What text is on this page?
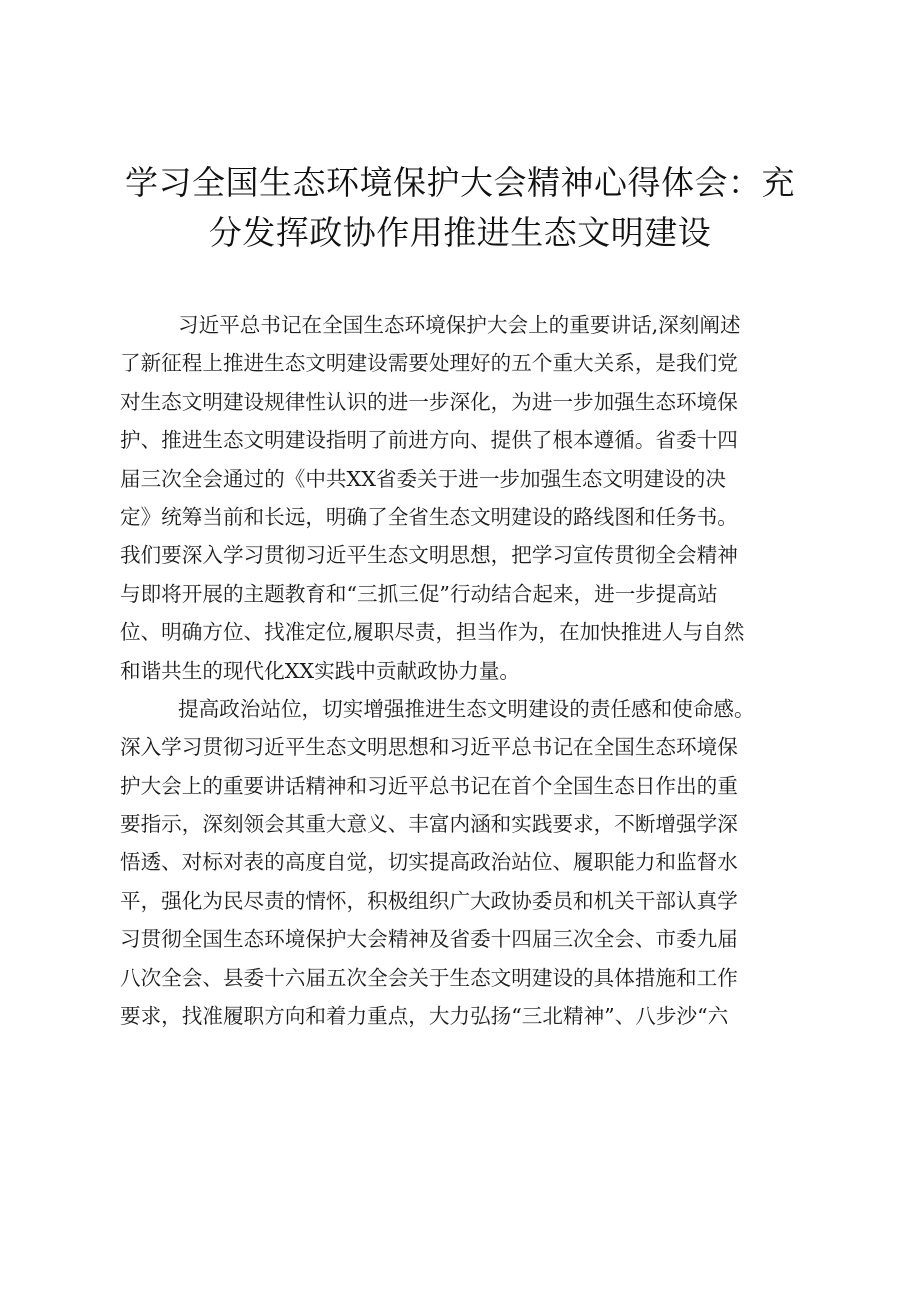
学习全国生态环境保护大会精神心得体会：充
分发挥政协作用推进生态文明建设
习近平总书记在全国生态环境保护大会上的重要讲话,深刻阐述
了新征程上推进生态文明建设需要处理好的五个重大关系，是我们党
对生态文明建设规律性认识的进一步深化，为进一步加强生态环境保
护、推进生态文明建设指明了前进方向、提供了根本遵循。省委十四
届三次全会通过的《中共XX省委关于进一步加强生态文明建设的决
定》统筹当前和长远，明确了全省生态文明建设的路线图和任务书。
我们要深入学习贯彻习近平生态文明思想，把学习宣传贯彻全会精神
与即将开展的主题教育和“三抓三促”行动结合起来，进一步提高站
位、明确方位、找准定位,履职尽责，担当作为，在加快推进人与自然
和谐共生的现代化XX实践中贡献政协力量。
提高政治站位，切实增强推进生态文明建设的责任感和使命感。
深入学习贯彻习近平生态文明思想和习近平总书记在全国生态环境保
护大会上的重要讲话精神和习近平总书记在首个全国生态日作出的重
要指示，深刻领会其重大意义、丰富内涵和实践要求，不断增强学深
悟透、对标对表的高度自觉，切实提高政治站位、履职能力和监督水
平，强化为民尽责的情怀，积极组织广大政协委员和机关干部认真学
习贯彻全国生态环境保护大会精神及省委十四届三次全会、市委九届
八次全会、县委十六届五次全会关于生态文明建设的具体措施和工作
要求，找准履职方向和着力重点，大力弘扬“三北精神”、八步沙“六
